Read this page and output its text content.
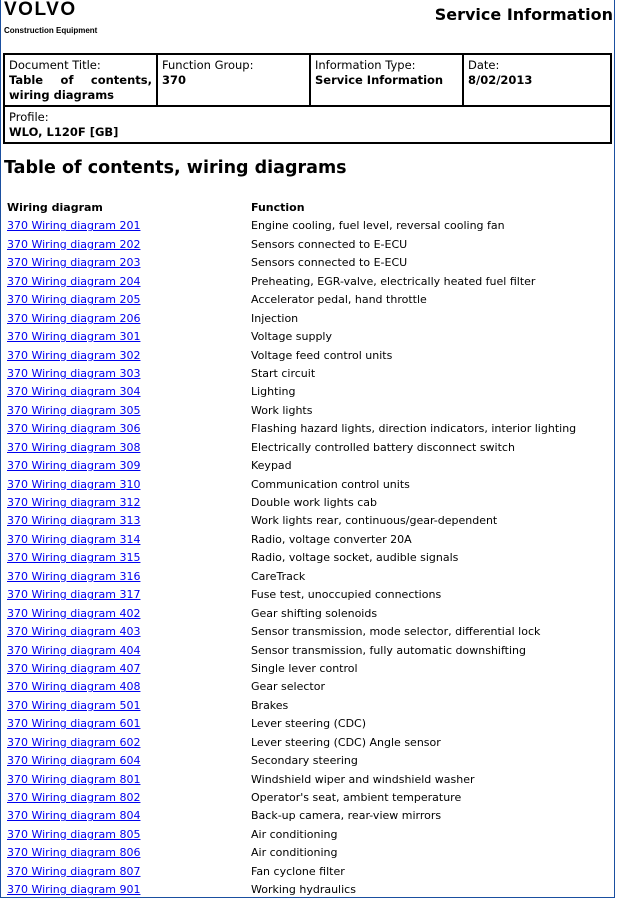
VOLVO
Construction Equipment
Service Information
Document Title:
Table of contents, wiring diagrams

Function Group:
370

Information Type:
Service Information

Date:
8/02/2013

Profile:
WLO, L120F [GB]
Table of contents, wiring diagrams
Wiring diagram	Function
370 Wiring diagram 201	Engine cooling, fuel level, reversal cooling fan
370 Wiring diagram 202	Sensors connected to E-ECU
370 Wiring diagram 203	Sensors connected to E-ECU
370 Wiring diagram 204	Preheating, EGR-valve, electrically heated fuel filter
370 Wiring diagram 205	Accelerator pedal, hand throttle
370 Wiring diagram 206	Injection
370 Wiring diagram 301	Voltage supply
370 Wiring diagram 302	Voltage feed control units
370 Wiring diagram 303	Start circuit
370 Wiring diagram 304	Lighting
370 Wiring diagram 305	Work lights
370 Wiring diagram 306	Flashing hazard lights, direction indicators, interior lighting
370 Wiring diagram 308	Electrically controlled battery disconnect switch
370 Wiring diagram 309	Keypad
370 Wiring diagram 310	Communication control units
370 Wiring diagram 312	Double work lights cab
370 Wiring diagram 313	Work lights rear, continuous/gear-dependent
370 Wiring diagram 314	Radio, voltage converter 20A
370 Wiring diagram 315	Radio, voltage socket, audible signals
370 Wiring diagram 316	CareTrack
370 Wiring diagram 317	Fuse test, unoccupied connections
370 Wiring diagram 402	Gear shifting solenoids
370 Wiring diagram 403	Sensor transmission, mode selector, differential lock
370 Wiring diagram 404	Sensor transmission, fully automatic downshifting
370 Wiring diagram 407	Single lever control
370 Wiring diagram 408	Gear selector
370 Wiring diagram 501	Brakes
370 Wiring diagram 601	Lever steering (CDC)
370 Wiring diagram 602	Lever steering (CDC) Angle sensor
370 Wiring diagram 604	Secondary steering
370 Wiring diagram 801	Windshield wiper and windshield washer
370 Wiring diagram 802	Operator's seat, ambient temperature
370 Wiring diagram 804	Back-up camera, rear-view mirrors
370 Wiring diagram 805	Air conditioning
370 Wiring diagram 806	Air conditioning
370 Wiring diagram 807	Fan cyclone filter
370 Wiring diagram 901	Working hydraulics
